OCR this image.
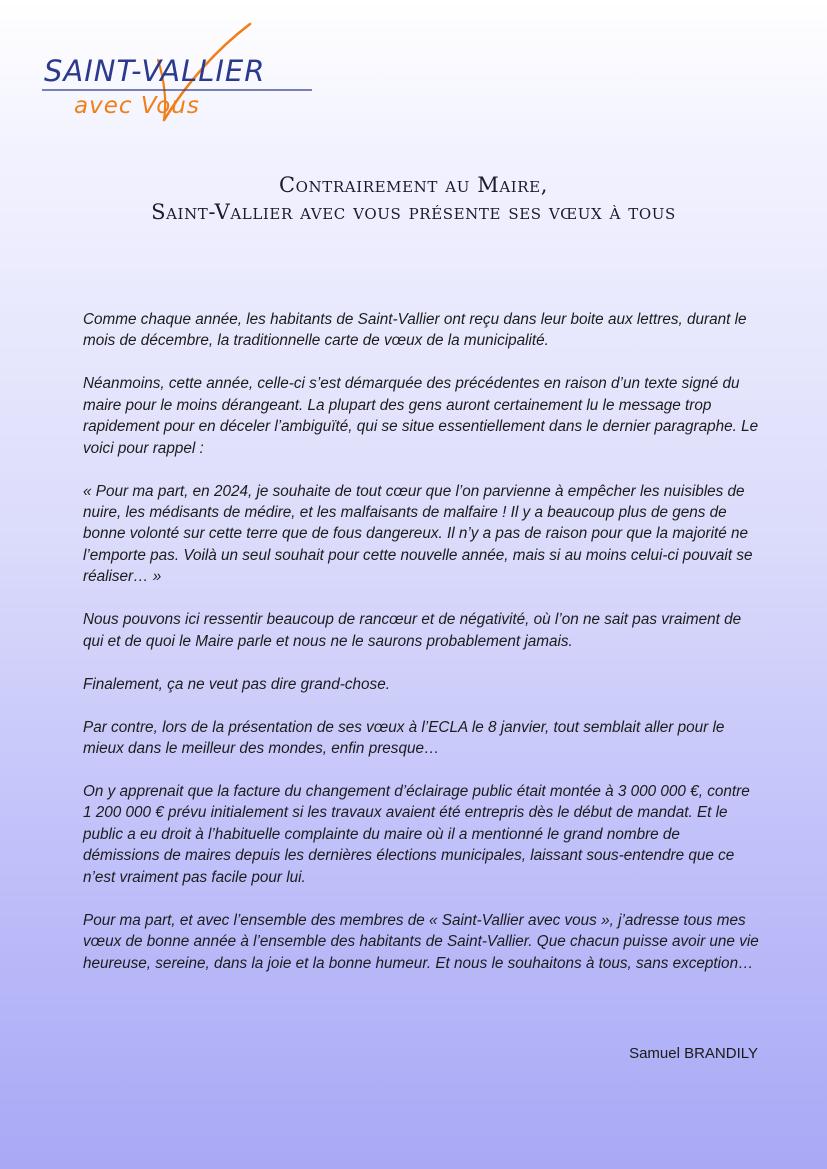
SAINT-VALLIER
avec Vous
Contrairement au Maire,
Saint-Vallier avec vous présente ses vœux à tous

Comme chaque année, les habitants de Saint-Vallier ont reçu dans leur boite aux lettres, durant le mois de décembre, la traditionnelle carte de vœux de la municipalité.

Néanmoins, cette année, celle-ci s’est démarquée des précédentes en raison d’un texte signé du maire pour le moins dérangeant. La plupart des gens auront certainement lu le message trop rapidement pour en déceler l’ambiguïté, qui se situe essentiellement dans le dernier paragraphe. Le voici pour rappel :

« Pour ma part, en 2024, je souhaite de tout cœur que l’on parvienne à empêcher les nuisibles de nuire, les médisants de médire, et les malfaisants de malfaire ! Il y a beaucoup plus de gens de bonne volonté sur cette terre que de fous dangereux. Il n’y a pas de raison pour que la majorité ne l’emporte pas. Voilà un seul souhait pour cette nouvelle année, mais si au moins celui-ci pouvait se réaliser… »

Nous pouvons ici ressentir beaucoup de rancœur et de négativité, où l’on ne sait pas vraiment de qui et de quoi le Maire parle et nous ne le saurons probablement jamais.

Finalement, ça ne veut pas dire grand-chose.

Par contre, lors de la présentation de ses vœux à l’ECLA le 8 janvier, tout semblait aller pour le mieux dans le meilleur des mondes, enfin presque…

On y apprenait que la facture du changement d’éclairage public était montée à 3 000 000 €, contre 1 200 000 € prévu initialement si les travaux avaient été entrepris dès le début de mandat. Et le public a eu droit à l’habituelle complainte du maire où il a mentionné le grand nombre de démissions de maires depuis les dernières élections municipales, laissant sous-entendre que ce n’est vraiment pas facile pour lui.

Pour ma part, et avec l’ensemble des membres de « Saint-Vallier avec vous », j’adresse tous mes vœux de bonne année à l’ensemble des habitants de Saint-Vallier. Que chacun puisse avoir une vie heureuse, sereine, dans la joie et la bonne humeur. Et nous le souhaitons à tous, sans exception…

Samuel BRANDILY
